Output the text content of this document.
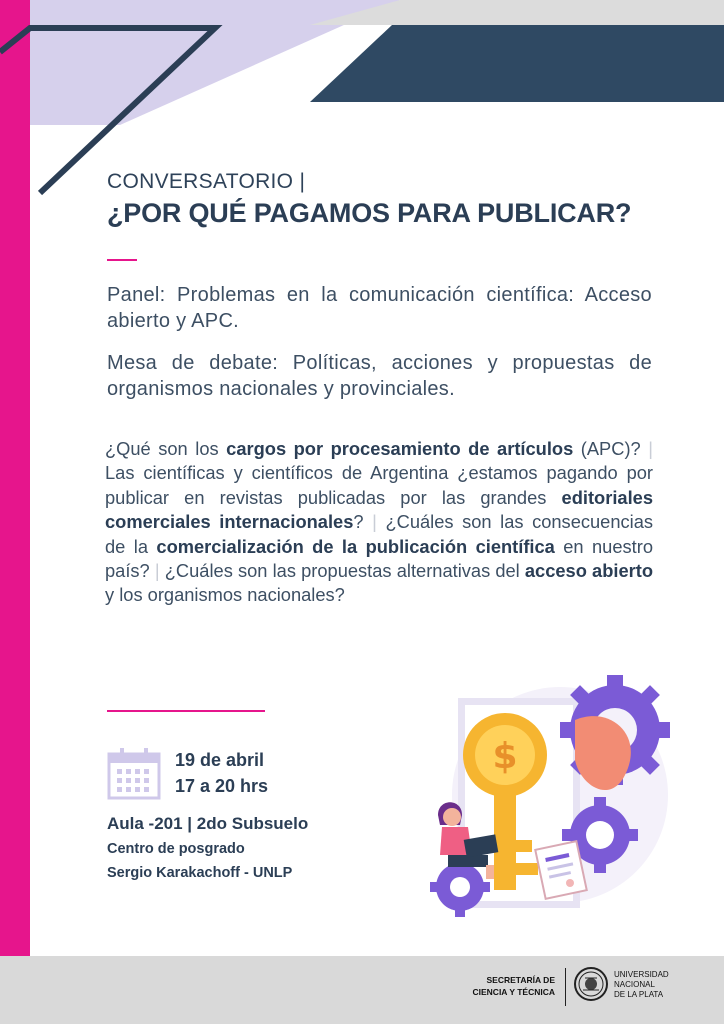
CONVERSATORIO |
¿POR QUÉ PAGAMOS PARA PUBLICAR?
Panel: Problemas en la comunicación científica: Acceso abierto y APC.
Mesa de debate: Políticas, acciones y propuestas de organismos nacionales y provinciales.
¿Qué son los cargos por procesamiento de artículos (APC)? | Las científicas y científicos de Argentina ¿estamos pagando por publicar en revistas publicadas por las grandes editoriales comerciales internacionales? | ¿Cuáles son las consecuencias de la comercialización de la publicación científica en nuestro país? | ¿Cuáles son las propuestas alternativas del acceso abierto y los organismos nacionales?
19 de abril
17 a 20 hrs
Aula -201 | 2do Subsuelo
Centro de posgrado
Sergio Karakachoff - UNLP
$
SECRETARÍA DE
CIENCIA Y TÉCNICA
UNIVERSIDAD
NACIONAL
DE LA PLATA
